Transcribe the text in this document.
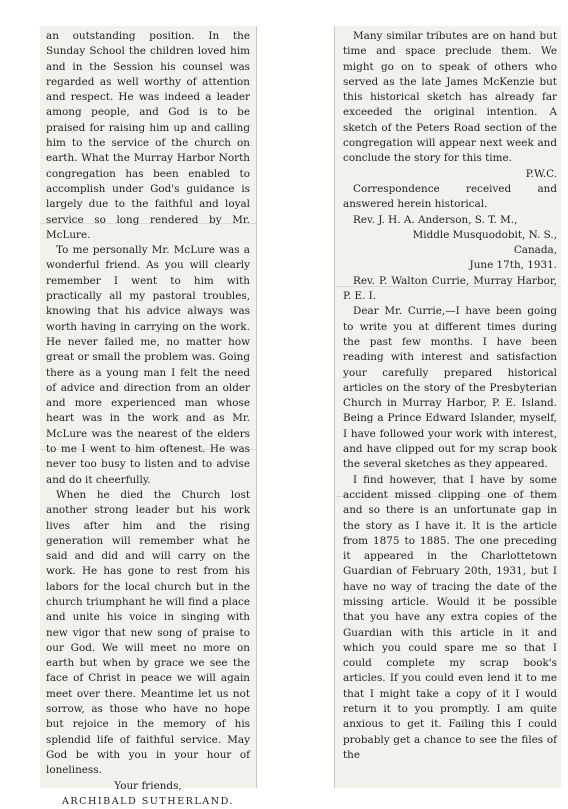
an outstanding position. In the Sunday School the children loved him and in the Session his counsel was regarded as well worthy of attention and respect. He was indeed a leader among people, and God is to be praised for raising him up and calling him to the service of the church on earth. What the Murray Harbor North congregation has been enabled to accomplish under God's guidance is largely due to the faithful and loyal service so long rendered by Mr. McLure.

To me personally Mr. McLure was a wonderful friend. As you will clearly remember I went to him with practically all my pastoral troubles, knowing that his advice always was worth having in carrying on the work. He never failed me, no matter how great or small the problem was. Going there as a young man I felt the need of advice and direction from an older and more experienced man whose heart was in the work and as Mr. McLure was the nearest of the elders to me I went to him oftenest. He was never too busy to listen and to advise and do it cheerfully.

When he died the Church lost another strong leader but his work lives after him and the rising generation will remember what he said and did and will carry on the work. He has gone to rest from his labors for the local church but in the church triumphant he will find a place and unite his voice in singing with new vigor that new song of praise to our God. We will meet no more on earth but when by grace we see the face of Christ in peace we will again meet over there. Meantime let us not sorrow, as those who have no hope but rejoice in the memory of his splendid life of faithful service. May God be with you in your hour of loneliness.

Your friends,

ARCHIBALD SUTHERLAND.

Many similar tributes are on hand but time and space preclude them. We might go on to speak of others who served as the late James McKenzie but this historical sketch has already far exceeded the original intention. A sketch of the Peters Road section of the congregation will appear next week and conclude the story for this time.

P.W.C.

Correspondence received and answered herein historical.

Rev. J. H. A. Anderson, S. T. M.,

Middle Musquodobit, N. S.,

Canada,

June 17th, 1931.

Rev. P. Walton Currie, Murray Harbor, P. E. I.

Dear Mr. Currie,—I have been going to write you at different times during the past few months. I have been reading with interest and satisfaction your carefully prepared historical articles on the story of the Presbyterian Church in Murray Harbor, P. E. Island. Being a Prince Edward Islander, myself, I have followed your work with interest, and have clipped out for my scrap book the several sketches as they appeared.

I find however, that I have by some accident missed clipping one of them and so there is an unfortunate gap in the story as I have it. It is the article from 1875 to 1885. The one preceding it appeared in the Charlottetown Guardian of February 20th, 1931, but I have no way of tracing the date of the missing article. Would it be possible that you have any extra copies of the Guardian with this article in it and which you could spare me so that I could complete my scrap book's articles. If you could even lend it to me that I might take a copy of it I would return it to you promptly. I am quite anxious to get it. Failing this I could probably get a chance to see the files of the
